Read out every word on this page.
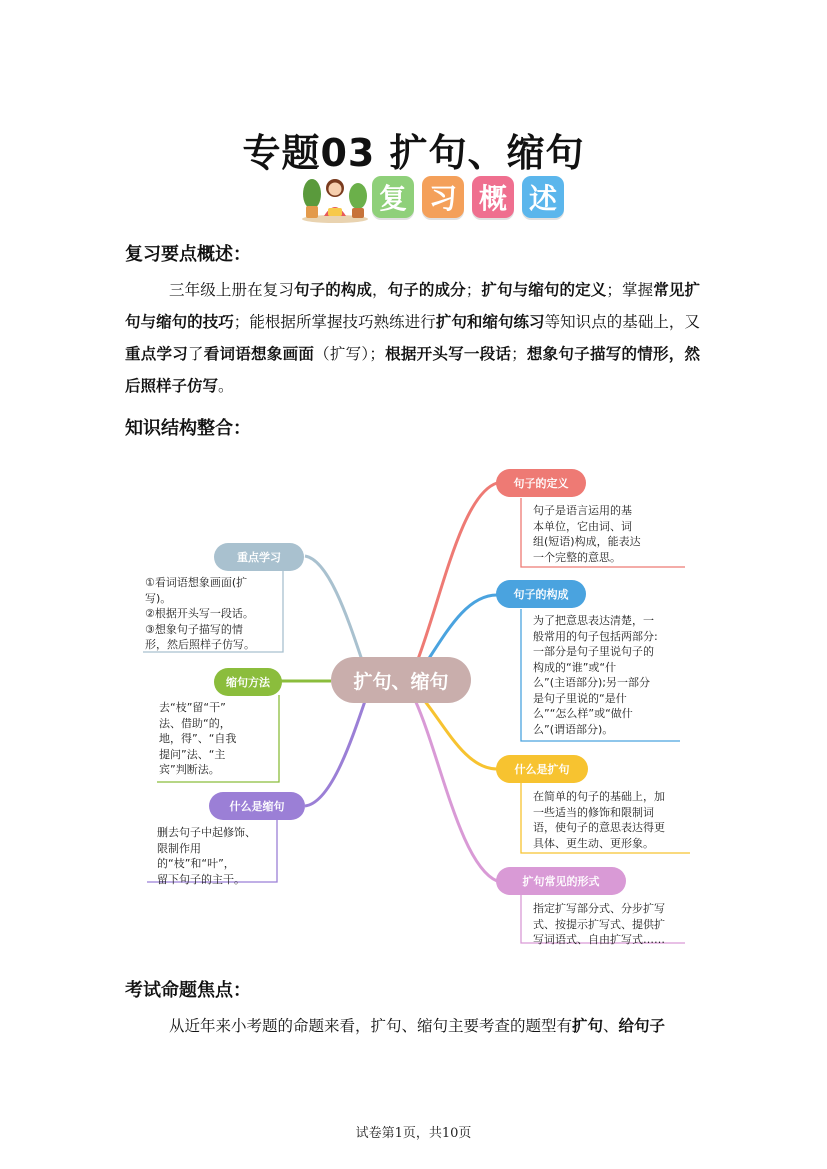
专题03 扩句、缩句
复 习 概 述
复习要点概述：
三年级上册在复习句子的构成，句子的成分；扩句与缩句的定义；掌握常见扩句与缩句的技巧；能根据所掌握技巧熟练进行扩句和缩句练习等知识点的基础上，又重点学习了看词语想象画面（扩写）；根据开头写一段话；想象句子描写的情形，然后照样子仿写。
知识结构整合：
扩句、缩句
句子的定义
句子的构成
什么是扩句
扩句常见的形式
重点学习
缩句方法
什么是缩句
句子是语言运用的基
本单位，它由词、词
组(短语)构成，能表达
一个完整的意思。
为了把意思表达清楚，一
般常用的句子包括两部分:
一部分是句子里说句子的
构成的“谁”或“什
么”(主语部分);另一部分
是句子里说的“是什
么”“怎么样”或“做什
么”(谓语部分)。
在简单的句子的基础上，加
一些适当的修饰和限制词
语，使句子的意思表达得更
具体、更生动、更形象。
指定扩写部分式、分步扩写
式、按提示扩写式、提供扩
写词语式、自由扩写式……
①看词语想象画面(扩
写)。
②根据开头写一段话。
③想象句子描写的情
形，然后照样子仿写。
去“枝”留“干”
法、借助“的，
地，得”、“自我
提问”法、“主
宾”判断法。
删去句子中起修饰、
限制作用
的“枝”和“叶”，
留下句子的主干。
考试命题焦点：
从近年来小考题的命题来看，扩句、缩句主要考查的题型有扩句、给句子
试卷第1页，共10页
